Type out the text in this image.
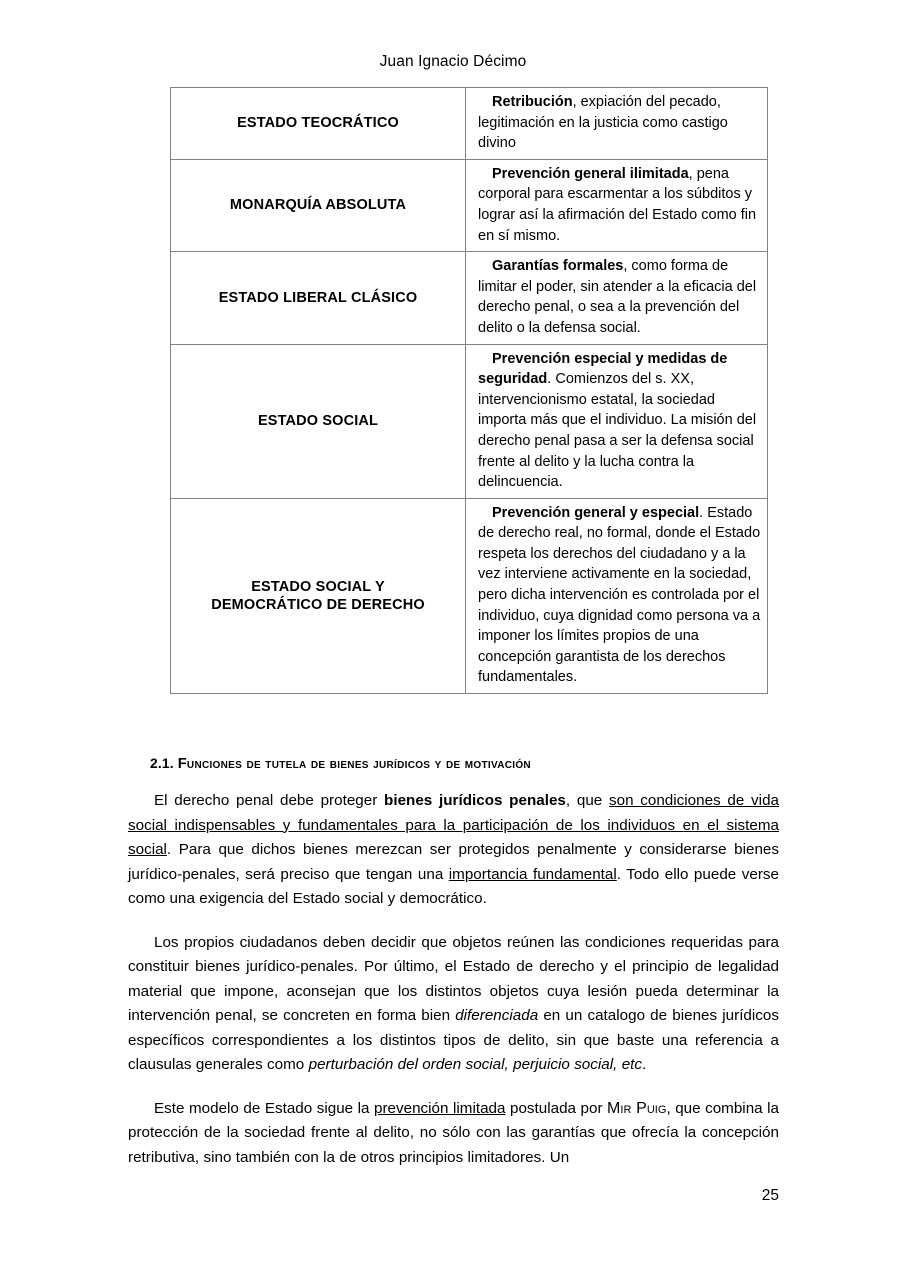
Juan Ignacio Décimo
ESTADO TEOCRÁTICO	Retribución, expiación del pecado, legitimación en la justicia como castigo divino

MONARQUÍA ABSOLUTA	Prevención general ilimitada, pena corporal para escarmentar a los súbditos y lograr así la afirmación del Estado como fin en sí mismo.

ESTADO LIBERAL CLÁSICO	Garantías formales, como forma de limitar el poder, sin atender a la eficacia del derecho penal, o sea a la prevención del delito o la defensa social.

ESTADO SOCIAL	Prevención especial y medidas de seguridad. Comienzos del s. XX, intervencionismo estatal, la sociedad importa más que el individuo. La misión del derecho penal pasa a ser la defensa social frente al delito y la lucha contra la delincuencia.

ESTADO SOCIAL Y
DEMOCRÁTICO DE DERECHO	Prevención general y especial. Estado de derecho real, no formal, donde el Estado respeta los derechos del ciudadano y a la vez interviene activamente en la sociedad, pero dicha intervención es controlada por el individuo, cuya dignidad como persona va a imponer los límites propios de una concepción garantista de los derechos fundamentales.
2.1. Funciones de tutela de bienes jurídicos y de motivación

El derecho penal debe proteger bienes jurídicos penales, que son condiciones de vida social indispensables y fundamentales para la participación de los individuos en el sistema social. Para que dichos bienes merezcan ser protegidos penalmente y considerarse bienes jurídico-penales, será preciso que tengan una importancia fundamental. Todo ello puede verse como una exigencia del Estado social y democrático.

Los propios ciudadanos deben decidir que objetos reúnen las condiciones requeridas para constituir bienes jurídico-penales. Por último, el Estado de derecho y el principio de legalidad material que impone, aconsejan que los distintos objetos cuya lesión pueda determinar la intervención penal, se concreten en forma bien diferenciada en un catalogo de bienes jurídicos específicos correspondientes a los distintos tipos de delito, sin que baste una referencia a clausulas generales como perturbación del orden social, perjuicio social, etc.

Este modelo de Estado sigue la prevención limitada postulada por Mir Puig, que combina la protección de la sociedad frente al delito, no sólo con las garantías que ofrecía la concepción retributiva, sino también con la de otros principios limitadores. Un

25
